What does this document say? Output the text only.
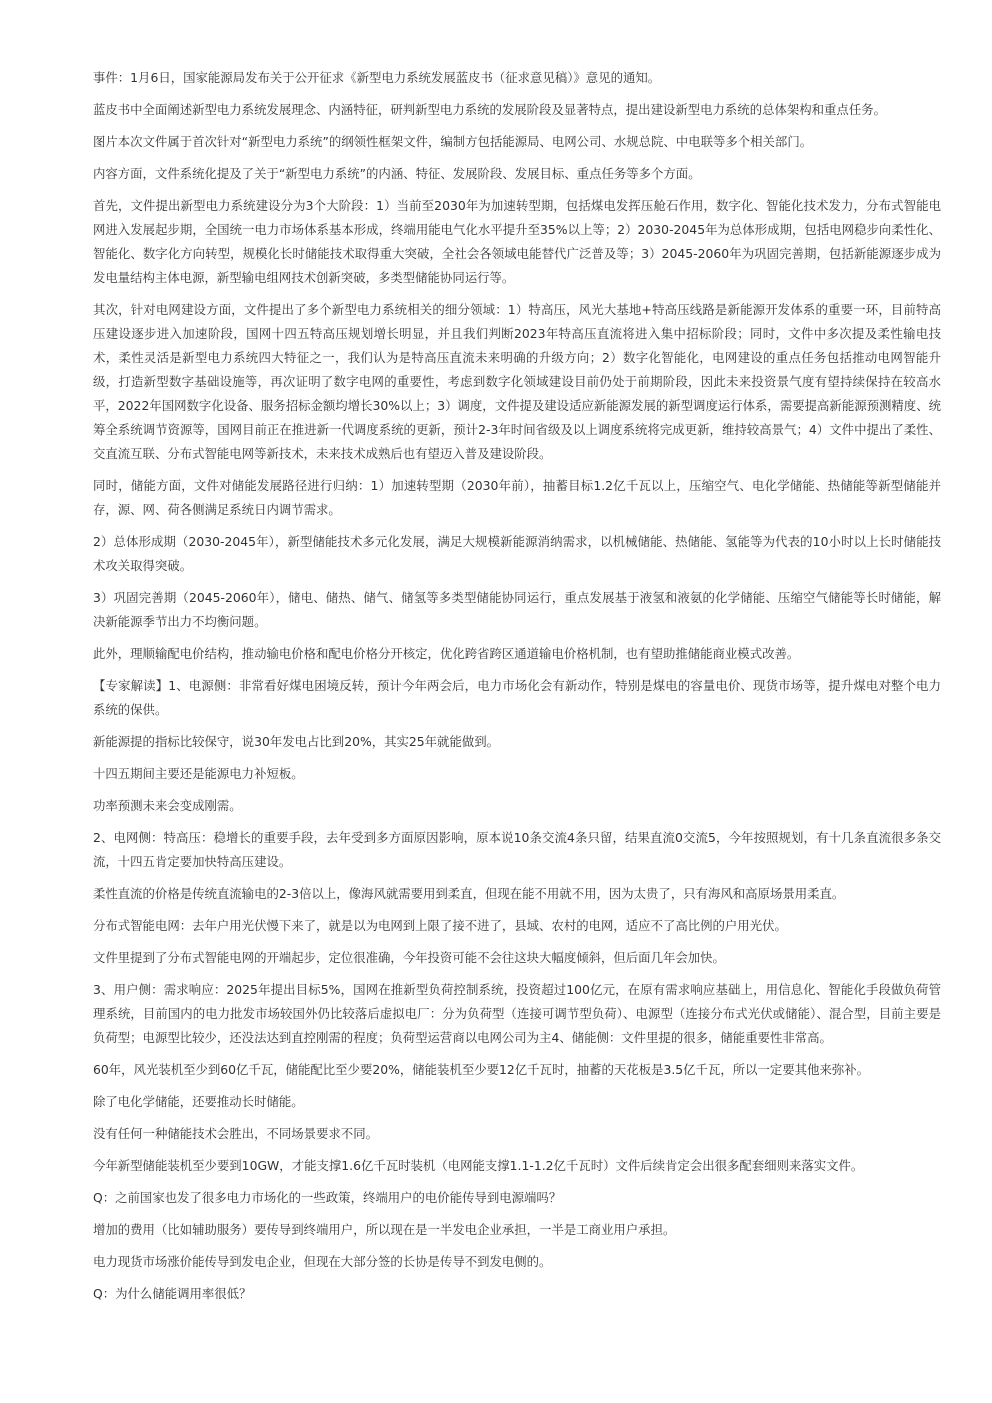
事件：1月6日，国家能源局发布关于公开征求《新型电力系统发展蓝皮书（征求意见稿）》意见的通知。

蓝皮书中全面阐述新型电力系统发展理念、内涵特征，研判新型电力系统的发展阶段及显著特点，提出建设新型电力系统的总体架构和重点任务。

图片本次文件属于首次针对“新型电力系统”的纲领性框架文件，编制方包括能源局、电网公司、水规总院、中电联等多个相关部门。

内容方面，文件系统化提及了关于“新型电力系统”的内涵、特征、发展阶段、发展目标、重点任务等多个方面。

首先，文件提出新型电力系统建设分为3个大阶段：1）当前至2030年为加速转型期，包括煤电发挥压舱石作用，数字化、智能化技术发力，分布式智能电网进入发展起步期，全国统一电力市场体系基本形成，终端用能电气化水平提升至35%以上等；2）2030-2045年为总体形成期，包括电网稳步向柔性化、智能化、数字化方向转型，规模化长时储能技术取得重大突破，全社会各领域电能替代广泛普及等；3）2045-2060年为巩固完善期，包括新能源逐步成为发电量结构主体电源，新型输电组网技术创新突破，多类型储能协同运行等。

其次，针对电网建设方面，文件提出了多个新型电力系统相关的细分领域：1）特高压，风光大基地+特高压线路是新能源开发体系的重要一环，目前特高压建设逐步进入加速阶段，国网十四五特高压规划增长明显，并且我们判断2023年特高压直流将进入集中招标阶段；同时，文件中多次提及柔性输电技术，柔性灵活是新型电力系统四大特征之一，我们认为是特高压直流未来明确的升级方向；2）数字化智能化，电网建设的重点任务包括推动电网智能升级，打造新型数字基础设施等，再次证明了数字电网的重要性，考虑到数字化领域建设目前仍处于前期阶段，因此未来投资景气度有望持续保持在较高水平，2022年国网数字化设备、服务招标金额均增长30%以上；3）调度，文件提及建设适应新能源发展的新型调度运行体系，需要提高新能源预测精度、统筹全系统调节资源等，国网目前正在推进新一代调度系统的更新，预计2-3年时间省级及以上调度系统将完成更新，维持较高景气；4）文件中提出了柔性、交直流互联、分布式智能电网等新技术，未来技术成熟后也有望迈入普及建设阶段。

同时，储能方面，文件对储能发展路径进行归纳：1）加速转型期（2030年前），抽蓄目标1.2亿千瓦以上，压缩空气、电化学储能、热储能等新型储能并存，源、网、荷各侧满足系统日内调节需求。

2）总体形成期（2030-2045年），新型储能技术多元化发展，满足大规模新能源消纳需求，以机械储能、热储能、氢能等为代表的10小时以上长时储能技术攻关取得突破。

3）巩固完善期（2045-2060年），储电、储热、储气、储氢等多类型储能协同运行，重点发展基于液氢和液氨的化学储能、压缩空气储能等长时储能，解决新能源季节出力不均衡问题。

此外，理顺输配电价结构，推动输电价格和配电价格分开核定，优化跨省跨区通道输电价格机制，也有望助推储能商业模式改善。

【专家解读】1、电源侧：非常看好煤电困境反转，预计今年两会后，电力市场化会有新动作，特别是煤电的容量电价、现货市场等，提升煤电对整个电力系统的保供。

新能源提的指标比较保守，说30年发电占比到20%，其实25年就能做到。

十四五期间主要还是能源电力补短板。

功率预测未来会变成刚需。

2、电网侧：特高压：稳增长的重要手段，去年受到多方面原因影响，原本说10条交流4条只留，结果直流0交流5，今年按照规划，有十几条直流很多条交流，十四五肯定要加快特高压建设。

柔性直流的价格是传统直流输电的2-3倍以上，像海风就需要用到柔直，但现在能不用就不用，因为太贵了，只有海风和高原场景用柔直。

分布式智能电网：去年户用光伏慢下来了，就是以为电网到上限了接不进了，县域、农村的电网，适应不了高比例的户用光伏。

文件里提到了分布式智能电网的开端起步，定位很准确，今年投资可能不会往这块大幅度倾斜，但后面几年会加快。

3、用户侧：需求响应：2025年提出目标5%，国网在推新型负荷控制系统，投资超过100亿元，在原有需求响应基础上，用信息化、智能化手段做负荷管理系统，目前国内的电力批发市场较国外仍比较落后虚拟电厂：分为负荷型（连接可调节型负荷）、电源型（连接分布式光伏或储能）、混合型，目前主要是负荷型；电源型比较少，还没法达到直控刚需的程度；负荷型运营商以电网公司为主4、储能侧：文件里提的很多，储能重要性非常高。

60年，风光装机至少到60亿千瓦，储能配比至少要20%，储能装机至少要12亿千瓦时，抽蓄的天花板是3.5亿千瓦，所以一定要其他来弥补。

除了电化学储能，还要推动长时储能。

没有任何一种储能技术会胜出，不同场景要求不同。

今年新型储能装机至少要到10GW，才能支撑1.6亿千瓦时装机（电网能支撑1.1-1.2亿千瓦时）文件后续肯定会出很多配套细则来落实文件。

Q：之前国家也发了很多电力市场化的一些政策，终端用户的电价能传导到电源端吗？

增加的费用（比如辅助服务）要传导到终端用户，所以现在是一半发电企业承担，一半是工商业用户承担。

电力现货市场涨价能传导到发电企业，但现在大部分签的长协是传导不到发电侧的。

Q：为什么储能调用率很低？
